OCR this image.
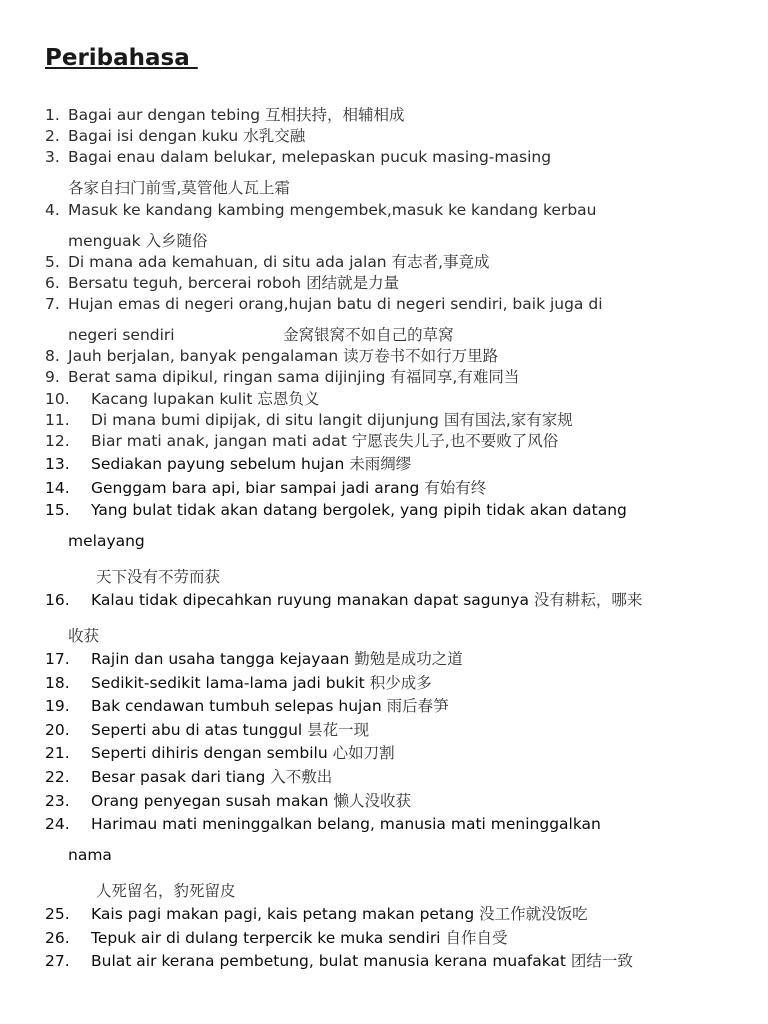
Peribahasa
1. Bagai aur dengan tebing 互相扶持，相辅相成
2. Bagai isi dengan kuku 水乳交融
3. Bagai enau dalam belukar, melepaskan pucuk masing-masing
各家自扫门前雪,莫管他人瓦上霜
4. Masuk ke kandang kambing mengembek,masuk ke kandang kerbau
menguak 入乡随俗
5. Di mana ada kemahuan, di situ ada jalan 有志者,事竟成
6. Bersatu teguh, bercerai roboh 团结就是力量
7. Hujan emas di negeri orang,hujan batu di negeri sendiri, baik juga di
negeri sendiri       	金窝银窝不如自己的草窝
8. Jauh berjalan, banyak pengalaman 读万卷书不如行万里路
9. Berat sama dipikul, ringan sama dijinjing 有福同享,有难同当
10. Kacang lupakan kulit 忘恩负义
11. Di mana bumi dipijak, di situ langit dijunjung 国有国法,家有家规
12. Biar mati anak, jangan mati adat 宁愿丧失儿子,也不要败了风俗
13. Sediakan payung sebelum hujan 未雨绸缪
14. Genggam bara api, biar sampai jadi arang 有始有终
15. Yang bulat tidak akan datang bergolek, yang pipih tidak akan datang
melayang
天下没有不劳而获
16. Kalau tidak dipecahkan ruyung manakan dapat sagunya 没有耕耘，哪来
收获
17. Rajin dan usaha tangga kejayaan 勤勉是成功之道
18. Sedikit-sedikit lama-lama jadi bukit 积少成多
19. Bak cendawan tumbuh selepas hujan 雨后春笋
20. Seperti abu di atas tunggul 昙花一现
21. Seperti dihiris dengan sembilu 心如刀割
22. Besar pasak dari tiang 入不敷出
23. Orang penyegan susah makan 懒人没收获
24. Harimau mati meninggalkan belang, manusia mati meninggalkan
nama
人死留名，豹死留皮
25. Kais pagi makan pagi, kais petang makan petang 没工作就没饭吃
26. Tepuk air di dulang terpercik ke muka sendiri 自作自受
27. Bulat air kerana pembetung, bulat manusia kerana muafakat 团结一致
